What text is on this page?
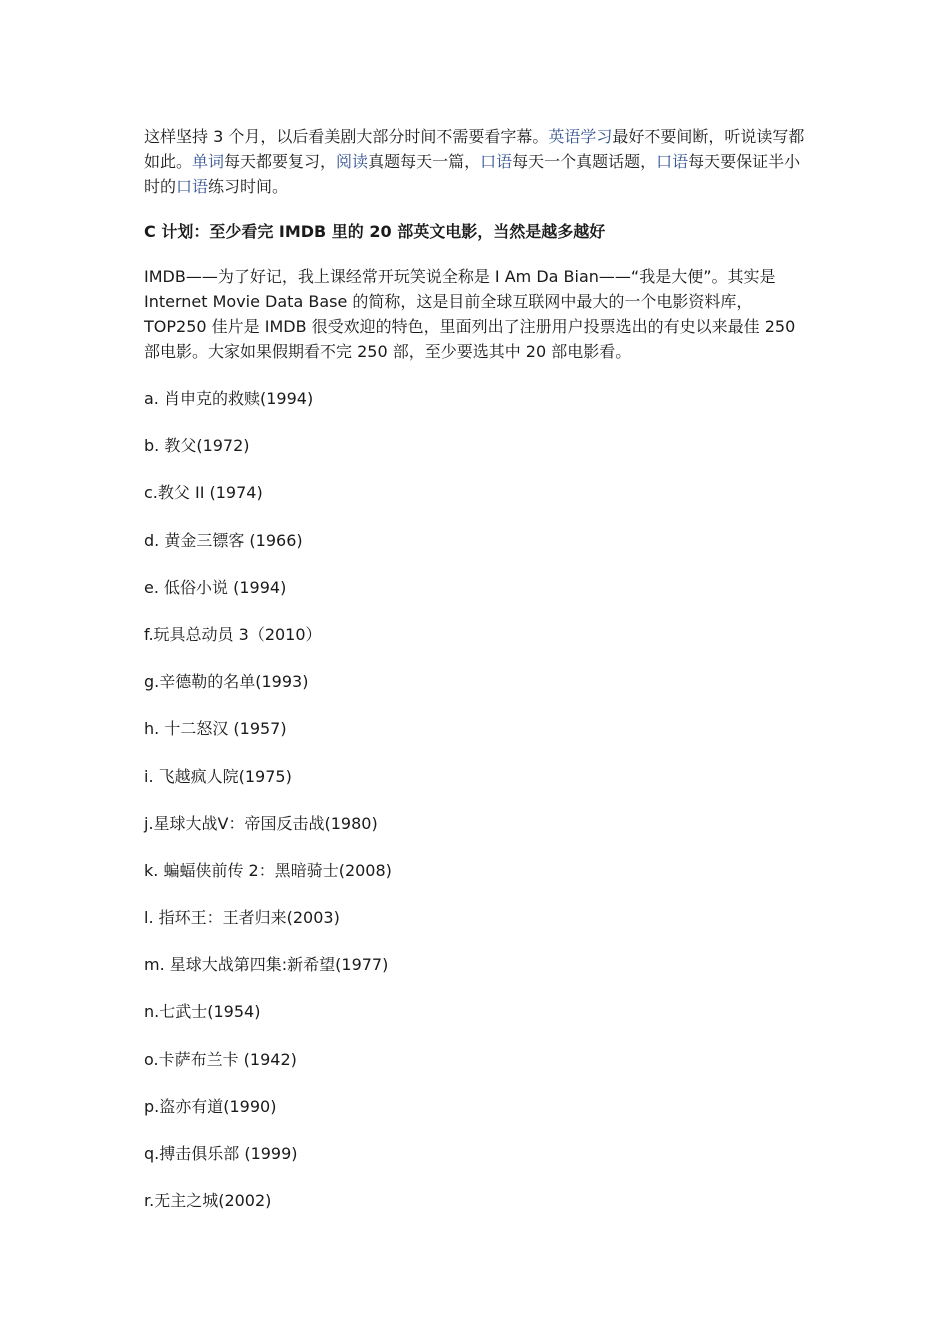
这样坚持 3 个月，以后看美剧大部分时间不需要看字幕。英语学习最好不要间断，听说读写都如此。单词每天都要复习，阅读真题每天一篇，口语每天一个真题话题，口语每天要保证半小时的口语练习时间。

C 计划：至少看完 IMDB 里的 20 部英文电影，当然是越多越好

IMDB——为了好记，我上课经常开玩笑说全称是 I Am Da Bian——“我是大便”。其实是 Internet Movie Data Base 的简称，这是目前全球互联网中最大的一个电影资料库，TOP250 佳片是 IMDB 很受欢迎的特色，里面列出了注册用户投票选出的有史以来最佳 250 部电影。大家如果假期看不完 250 部，至少要选其中 20 部电影看。

a. 肖申克的救赎(1994)
b. 教父(1972)
c.教父 II (1974)
d. 黄金三镖客 (1966)
e. 低俗小说 (1994)
f.玩具总动员 3（2010）
g.辛德勒的名单(1993)
h. 十二怒汉 (1957)
i. 飞越疯人院(1975)
j.星球大战Ⅴ：帝国反击战(1980)
k. 蝙蝠侠前传 2：黑暗骑士(2008)
l. 指环王：王者归来(2003)
m. 星球大战第四集:新希望(1977)
n.七武士(1954)
o.卡萨布兰卡 (1942)
p.盗亦有道(1990)
q.搏击俱乐部 (1999)
r.无主之城(2002)
